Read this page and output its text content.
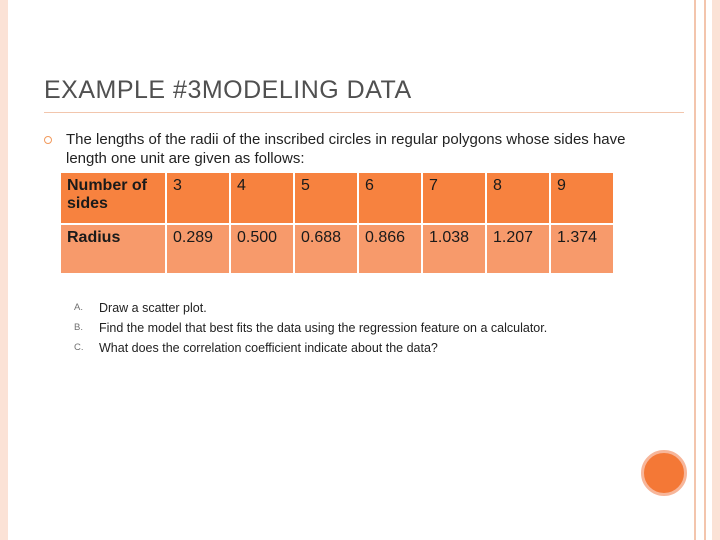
EXAMPLE #3MODELING DATA
The lengths of the radii of the inscribed circles in regular polygons whose sides have length one unit are given as follows:
Number of sides	3	4	5	6	7	8	9
Radius	0.289	0.500	0.688	0.866	1.038	1.207	1.374
A.	Draw a scatter plot.
B.	Find the model that best fits the data using the regression feature on a calculator.
C.	What does the correlation coefficient indicate about the data?
